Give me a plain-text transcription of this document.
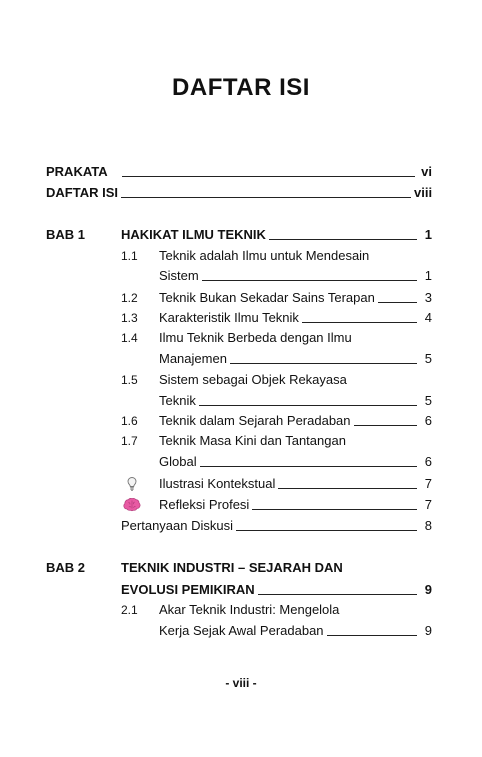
DAFTAR ISI
PRAKATA	vi
DAFTAR ISI	viii
BAB 1	HAKIKAT ILMU TEKNIK	1
1.1 Teknik adalah Ilmu untuk Mendesain
Sistem	1
1.2 Teknik Bukan Sekadar Sains Terapan	3
1.3 Karakteristik Ilmu Teknik	4
1.4 Ilmu Teknik Berbeda dengan Ilmu
Manajemen	5
1.5 Sistem sebagai Objek Rekayasa
Teknik	5
1.6 Teknik dalam Sejarah Peradaban	6
1.7 Teknik Masa Kini dan Tantangan
Global	6
Ilustrasi Kontekstual	7
Refleksi Profesi	7
Pertanyaan Diskusi	8
BAB 2	TEKNIK INDUSTRI – SEJARAH DAN
EVOLUSI PEMIKIRAN	9
2.1 Akar Teknik Industri: Mengelola
Kerja Sejak Awal Peradaban	9
- viii -
